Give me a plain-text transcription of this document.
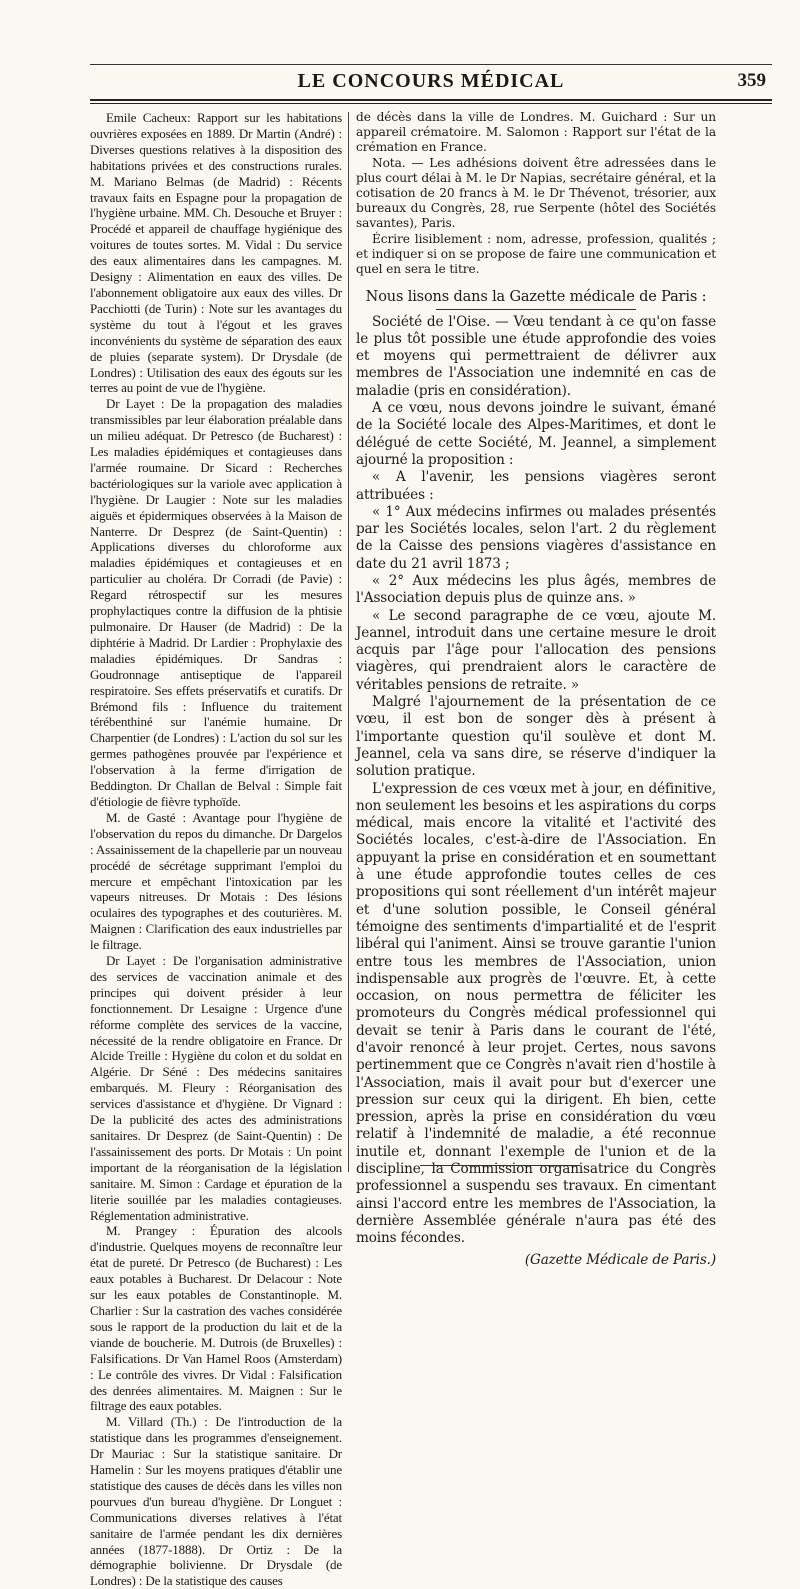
LE CONCOURS MÉDICAL	359

Emile Cacheux: Rapport sur les habitations ouvrières exposées en 1889. Dr Martin (André) : Diverses questions relatives à la disposition des habitations privées et des constructions rurales. M. Mariano Belmas (de Madrid) : Récents travaux faits en Espagne pour la propagation de l'hygiène urbaine. MM. Ch. Desouche et Bruyer : Procédé et appareil de chauffage hygiénique des voitures de toutes sortes. M. Vidal : Du service des eaux alimentaires dans les campagnes. M. Designy : Alimentation en eaux des villes. De l'abonnement obligatoire aux eaux des villes. Dr Pacchiotti (de Turin) : Note sur les avantages du système du tout à l'égout et les graves inconvénients du système de séparation des eaux de pluies (separate system). Dr Drysdale (de Londres) : Utilisation des eaux des égouts sur les terres au point de vue de l'hygiène.

Dr Layet : De la propagation des maladies transmissibles par leur élaboration préalable dans un milieu adéquat. Dr Petresco (de Bucharest) : Les maladies épidémiques et contagieuses dans l'armée roumaine. Dr Sicard : Recherches bactériologiques sur la variole avec application à l'hygiène. Dr Laugier : Note sur les maladies aiguës et épidermiques observées à la Maison de Nanterre. Dr Desprez (de Saint-Quentin) : Applications diverses du chloroforme aux maladies épidémiques et contagieuses et en particulier au choléra. Dr Corradi (de Pavie) : Regard rétrospectif sur les mesures prophylactiques contre la diffusion de la phtisie pulmonaire. Dr Hauser (de Madrid) : De la diphtérie à Madrid. Dr Lardier : Prophylaxie des maladies épidémiques. Dr Sandras : Goudronnage antiseptique de l'appareil respiratoire. Ses effets préservatifs et curatifs. Dr Brémond fils : Influence du traitement térébenthiné sur l'anémie humaine. Dr Charpentier (de Londres) : L'action du sol sur les germes pathogènes prouvée par l'expérience et l'observation à la ferme d'irrigation de Beddington. Dr Challan de Belval : Simple fait d'étiologie de fièvre typhoïde.

M. de Gasté : Avantage pour l'hygiène de l'observation du repos du dimanche. Dr Dargelos : Assainissement de la chapellerie par un nouveau procédé de sécrétage supprimant l'emploi du mercure et empêchant l'intoxication par les vapeurs nitreuses. Dr Motais : Des lésions oculaires des typographes et des couturières. M. Maignen : Clarification des eaux industrielles par le filtrage.

Dr Layet : De l'organisation administrative des services de vaccination animale et des principes qui doivent présider à leur fonctionnement. Dr Lesaigne : Urgence d'une réforme complète des services de la vaccine, nécessité de la rendre obligatoire en France. Dr Alcide Treille : Hygiène du colon et du soldat en Algérie. Dr Séné : Des médecins sanitaires embarqués. M. Fleury : Réorganisation des services d'assistance et d'hygiène. Dr Vignard : De la publicité des actes des administrations sanitaires. Dr Desprez (de Saint-Quentin) : De l'assainissement des ports. Dr Motais : Un point important de la réorganisation de la législation sanitaire. M. Simon : Cardage et épuration de la literie souillée par les maladies contagieuses. Réglementation administrative.

M. Prangey : Épuration des alcools d'industrie. Quelques moyens de reconnaître leur état de pureté. Dr Petresco (de Bucharest) : Les eaux potables à Bucharest. Dr Delacour : Note sur les eaux potables de Constantinople. M. Charlier : Sur la castration des vaches considérée sous le rapport de la production du lait et de la viande de boucherie. M. Dutrois (de Bruxelles) : Falsifications. Dr Van Hamel Roos (Amsterdam) : Le contrôle des vivres. Dr Vidal : Falsification des denrées alimentaires. M. Maignen : Sur le filtrage des eaux potables.

M. Villard (Th.) : De l'introduction de la statistique dans les programmes d'enseignement. Dr Mauriac : Sur la statistique sanitaire. Dr Hamelin : Sur les moyens pratiques d'établir une statistique des causes de décès dans les villes non pourvues d'un bureau d'hygiène. Dr Longuet : Communications diverses relatives à l'état sanitaire de l'armée pendant les dix dernières années (1877-1888). Dr Ortiz : De la démographie bolivienne. Dr Drysdale (de Londres) : De la statistique des causes

de décès dans la ville de Londres. M. Guichard : Sur un appareil crématoire. M. Salomon : Rapport sur l'état de la crémation en France.

Nota. — Les adhésions doivent être adressées dans le plus court délai à M. le Dr Napias, secrétaire général, et la cotisation de 20 francs à M. le Dr Thévenot, trésorier, aux bureaux du Congrès, 28, rue Serpente (hôtel des Sociétés savantes), Paris.

Écrire lisiblement : nom, adresse, profession, qualités ; et indiquer si on se propose de faire une communication et quel en sera le titre.

Nous lisons dans la Gazette médicale de Paris :

Société de l'Oise. — Vœu tendant à ce qu'on fasse le plus tôt possible une étude approfondie des voies et moyens qui permettraient de délivrer aux membres de l'Association une indemnité en cas de maladie (pris en considération).

A ce vœu, nous devons joindre le suivant, émané de la Société locale des Alpes-Maritimes, et dont le délégué de cette Société, M. Jeannel, a simplement ajourné la proposition :

« A l'avenir, les pensions viagères seront attribuées :

« 1° Aux médecins infirmes ou malades présentés par les Sociétés locales, selon l'art. 2 du règlement de la Caisse des pensions viagères d'assistance en date du 21 avril 1873 ;

« 2° Aux médecins les plus âgés, membres de l'Association depuis plus de quinze ans. »

« Le second paragraphe de ce vœu, ajoute M. Jeannel, introduit dans une certaine mesure le droit acquis par l'âge pour l'allocation des pensions viagères, qui prendraient alors le caractère de véritables pensions de retraite. »

Malgré l'ajournement de la présentation de ce vœu, il est bon de songer dès à présent à l'importante question qu'il soulève et dont M. Jeannel, cela va sans dire, se réserve d'indiquer la solution pratique.

L'expression de ces vœux met à jour, en définitive, non seulement les besoins et les aspirations du corps médical, mais encore la vitalité et l'activité des Sociétés locales, c'est-à-dire de l'Association. En appuyant la prise en considération et en soumettant à une étude approfondie toutes celles de ces propositions qui sont réellement d'un intérêt majeur et d'une solution possible, le Conseil général témoigne des sentiments d'impartialité et de l'esprit libéral qui l'animent. Ainsi se trouve garantie l'union entre tous les membres de l'Association, union indispensable aux progrès de l'œuvre. Et, à cette occasion, on nous permettra de féliciter les promoteurs du Congrès médical professionnel qui devait se tenir à Paris dans le courant de l'été, d'avoir renoncé à leur projet. Certes, nous savons pertinemment que ce Congrès n'avait rien d'hostile à l'Association, mais il avait pour but d'exercer une pression sur ceux qui la dirigent. Eh bien, cette pression, après la prise en considération du vœu relatif à l'indemnité de maladie, a été reconnue inutile et, donnant l'exemple de l'union et de la discipline, la Commission organisatrice du Congrès professionnel a suspendu ses travaux. En cimentant ainsi l'accord entre les membres de l'Association, la dernière Assemblée générale n'aura pas été des moins fécondes.

(Gazette Médicale de Paris.)
